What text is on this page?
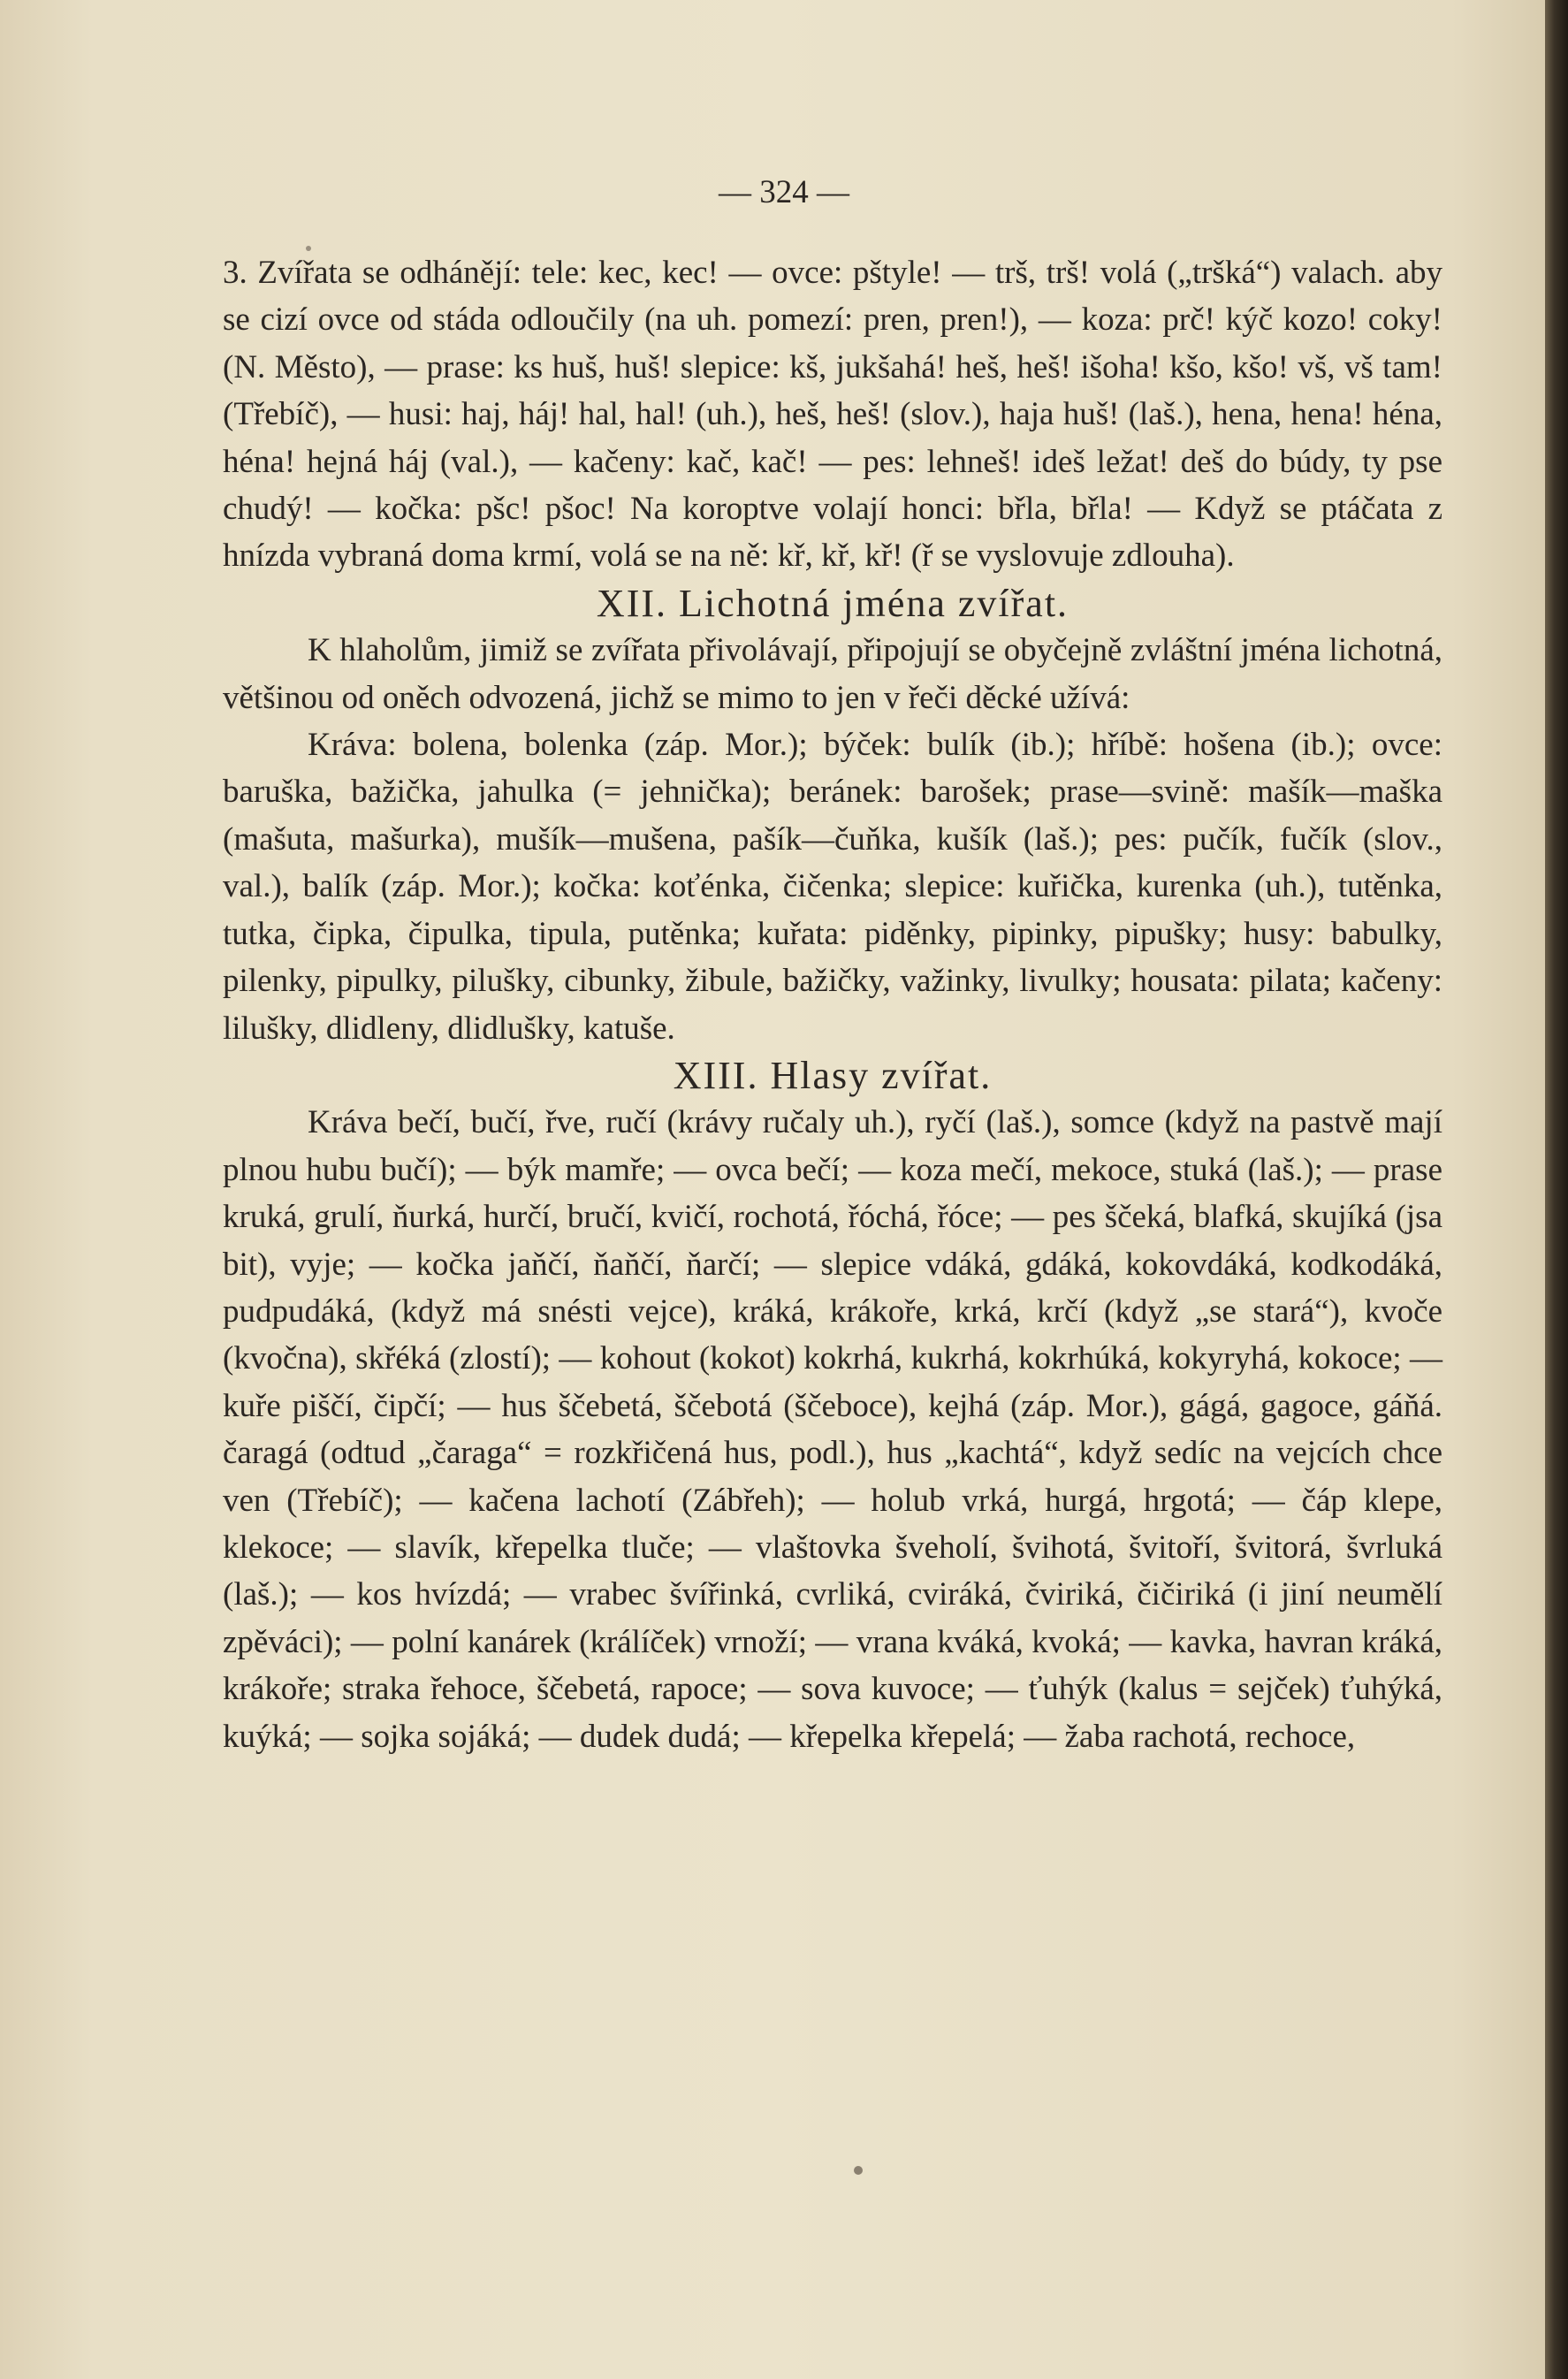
— 324 —

3. Zvířata se odhánějí: tele: kec, kec! — ovce: pštyle! — trš, trš! volá („tršká“) valach. aby se cizí ovce od stáda odloučily (na uh. pomezí: pren, pren!), — koza: prč! kýč kozo! coky! (N. Město), — prase: ks huš, huš! slepice: kš, jukšahá! heš, heš! išoha! kšo, kšo! vš, vš tam! (Třebíč), — husi: haj, háj! hal, hal! (uh.), heš, heš! (slov.), haja huš! (laš.), hena, hena! héna, héna! hejná háj (val.), — kačeny: kač, kač! — pes: lehneš! ideš ležat! deš do búdy, ty pse chudý! — kočka: pšc! pšoc! Na koroptve volají honci: břla, břla! — Když se ptáčata z hnízda vybraná doma krmí, volá se na ně: kř, kř, kř! (ř se vyslovuje zdlouha).

XII. Lichotná jména zvířat.

K hlaholům, jimiž se zvířata přivolávají, připojují se obyčejně zvláštní jména lichotná, většinou od oněch odvozená, jichž se mimo to jen v řeči děcké užívá:

Kráva: bolena, bolenka (záp. Mor.); býček: bulík (ib.); hříbě: hošena (ib.); ovce: baruška, bažička, jahulka (= jehnička); beránek: barošek; prase—svině: mašík—maška (mašuta, mašurka), mušík—mušena, pašík—čuňka, kušík (laš.); pes: pučík, fučík (slov., val.), balík (záp. Mor.); kočka: koťénka, čičenka; slepice: kuřička, kurenka (uh.), tutěnka, tutka, čipka, čipulka, tipula, putěnka; kuřata: piděnky, pipinky, pipušky; husy: babulky, pilenky, pipulky, pilušky, cibunky, žibule, bažičky, važinky, livulky; housata: pilata; kačeny: lilušky, dlidleny, dlidlušky, katuše.

XIII. Hlasy zvířat.

Kráva bečí, bučí, řve, ručí (krávy ručaly uh.), ryčí (laš.), somce (když na pastvě mají plnou hubu bučí); — býk mamře; — ovca bečí; — koza mečí, mekoce, stuká (laš.); — prase kruká, grulí, ňurká, hurčí, bručí, kvičí, rochotá, řóchá, řóce; — pes ščeká, blafká, skujíká (jsa bit), vyje; — kočka jaňčí, ňaňčí, ňarčí; — slepice vdáká, gdáká, kokovdáká, kodkodáká, pudpudáká, (když má snésti vejce), kráká, krákoře, krká, krčí (když „se stará“), kvoče (kvočna), skřéká (zlostí); — kohout (kokot) kokrhá, kukrhá, kokrhúká, kokyryhá, kokoce; — kuře piščí, čipčí; — hus ščebetá, ščebotá (ščeboce), kejhá (záp. Mor.), gágá, gagoce, gáňá. čaragá (odtud „čaraga“ = rozkřičená hus, podl.), hus „kachtá“, když sedíc na vejcích chce ven (Třebíč); — kačena lachotí (Zábřeh); — holub vrká, hurgá, hrgotá; — čáp klepe, klekoce; — slavík, křepelka tluče; — vlaštovka šveholí, švihotá, švitoří, švitorá, švrluká (laš.); — kos hvízdá; — vrabec švířinká, cvrliká, cviráká, čviriká, čičiriká (i jiní neumělí zpěváci); — polní kanárek (králíček) vrnoží; — vrana kváká, kvoká; — kavka, havran kráká, krákoře; straka řehoce, ščebetá, rapoce; — sova kuvoce; — ťuhýk (kalus = sejček) ťuhýká, kuýká; — sojka sojáká; — dudek dudá; — křepelka křepelá; — žaba rachotá, rechoce,
